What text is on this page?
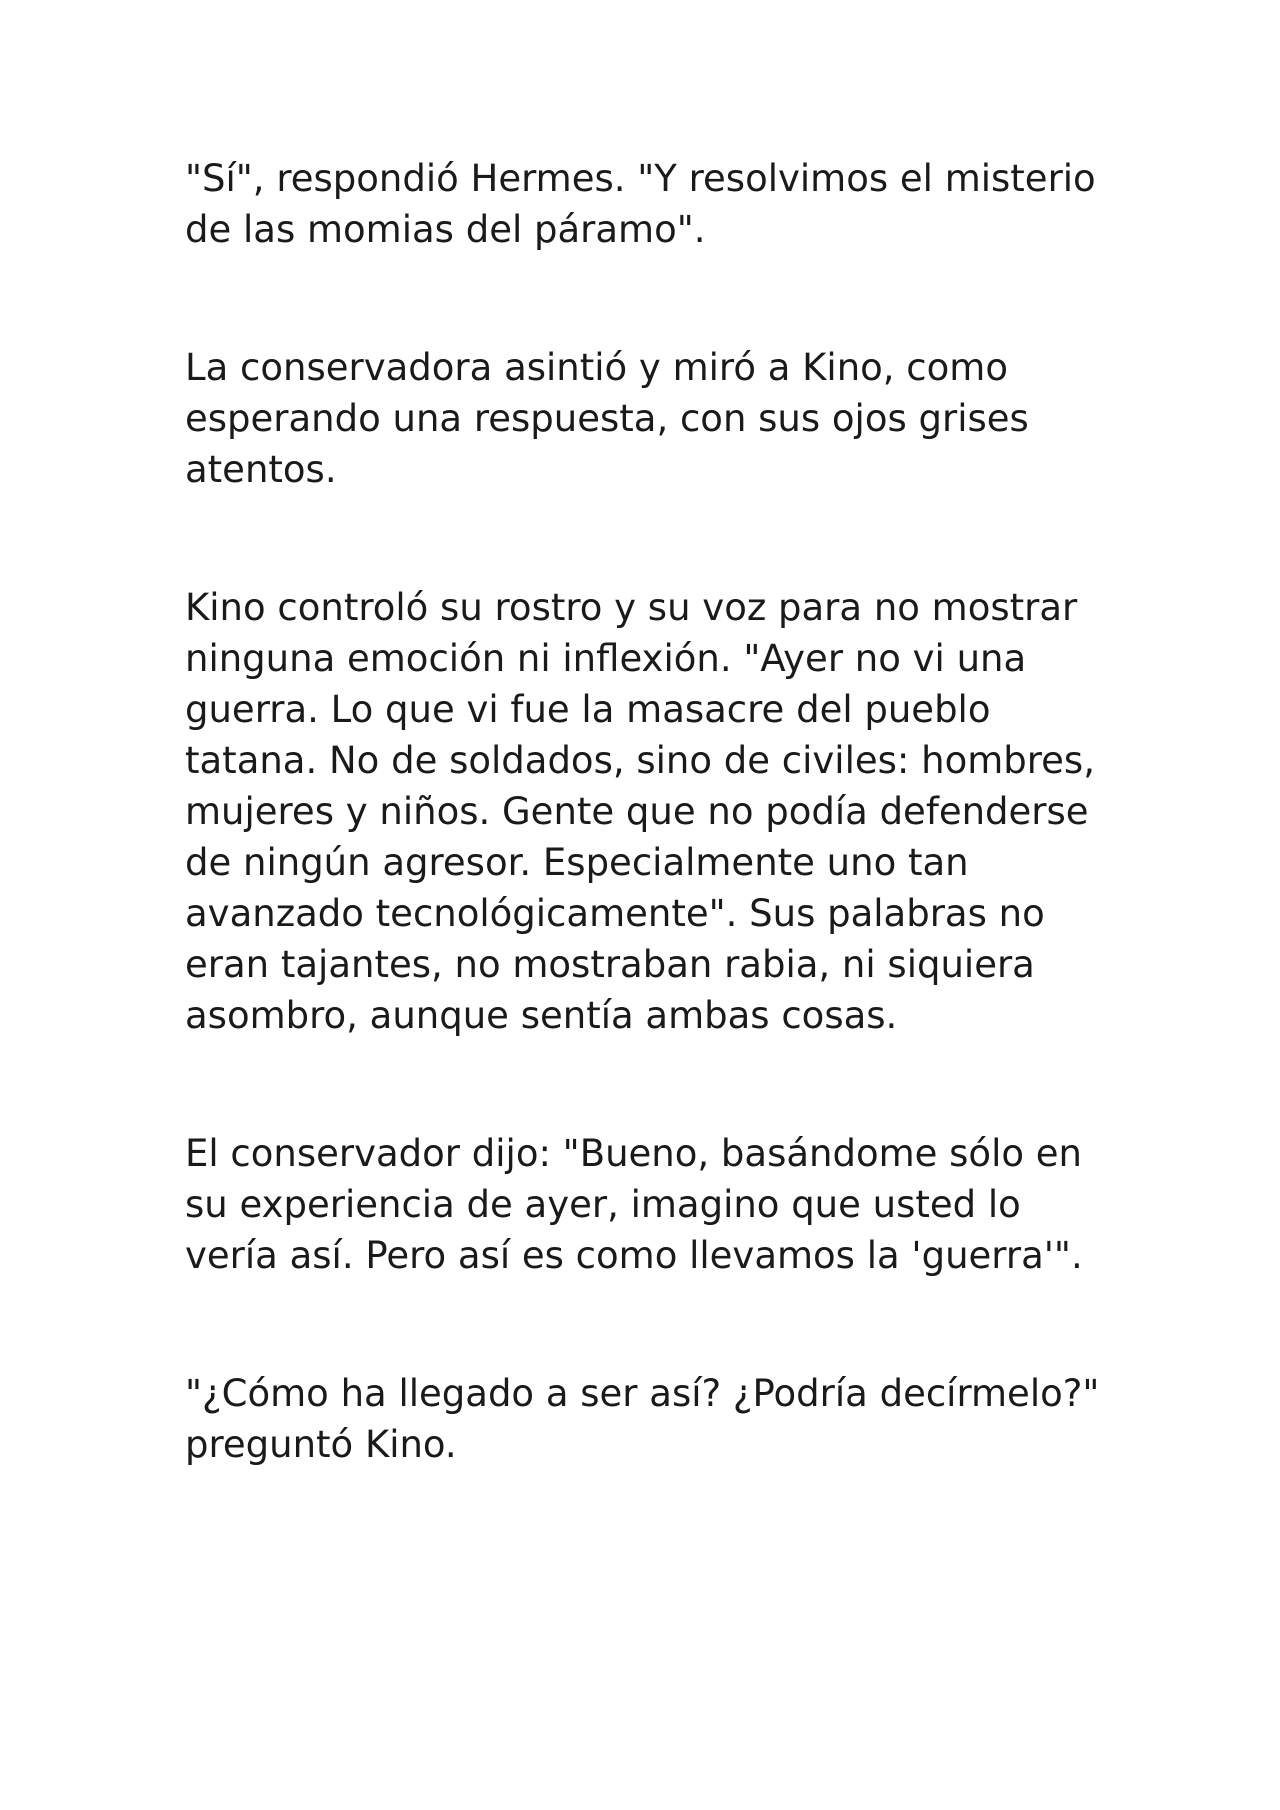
"Sí", respondió Hermes. "Y resolvimos el misterio de las momias del páramo".

La conservadora asintió y miró a Kino, como esperando una respuesta, con sus ojos grises atentos.

Kino controló su rostro y su voz para no mostrar ninguna emoción ni inflexión. "Ayer no vi una guerra. Lo que vi fue la masacre del pueblo tatana. No de soldados, sino de civiles: hombres, mujeres y niños. Gente que no podía defenderse de ningún agresor. Especialmente uno tan avanzado tecnológicamente". Sus palabras no eran tajantes, no mostraban rabia, ni siquiera asombro, aunque sentía ambas cosas.

El conservador dijo: "Bueno, basándome sólo en su experiencia de ayer, imagino que usted lo vería así. Pero así es como llevamos la 'guerra'".

"¿Cómo ha llegado a ser así? ¿Podría decírmelo?" preguntó Kino.
